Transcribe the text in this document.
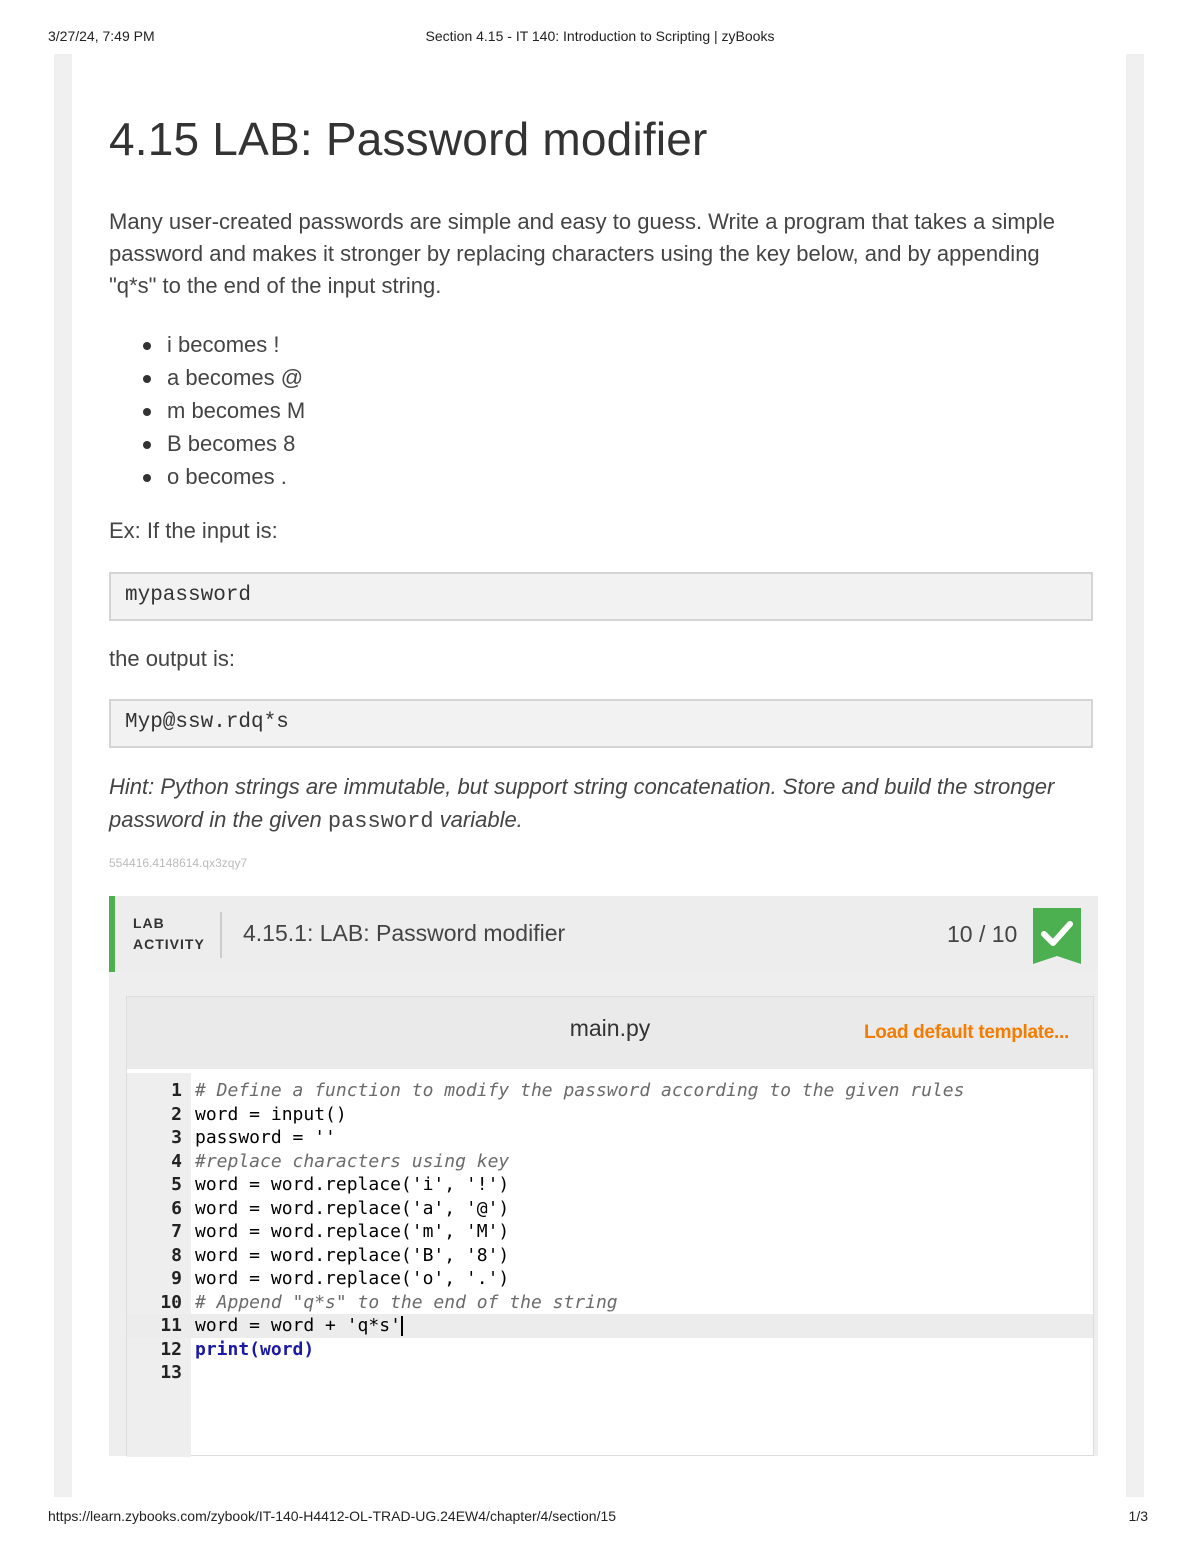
3/27/24, 7:49 PM	Section 4.15 - IT 140: Introduction to Scripting | zyBooks
4.15 LAB: Password modifier

Many user-created passwords are simple and easy to guess. Write a program that takes a simple password and makes it stronger by replacing characters using the key below, and by appending "q*s" to the end of the input string.

i becomes !
a becomes @
m becomes M
B becomes 8
o becomes .

Ex: If the input is:

mypassword

the output is:

Myp@ssw.rdq*s

Hint: Python strings are immutable, but support string concatenation. Store and build the stronger password in the given password variable.

554416.4148614.qx3zqy7
LAB
ACTIVITY 4.15.1: LAB: Password modifier	10 / 10
main.py	Load default template...
1 # Define a function to modify the password according to the given rules
2 word = input()
3 password = ''
4 #replace characters using key
5 word = word.replace('i', '!')
6 word = word.replace('a', '@')
7 word = word.replace('m', 'M')
8 word = word.replace('B', '8')
9 word = word.replace('o', '.')
10 # Append "q*s" to the end of the string
11 word = word + 'q*s'
12 print(word)
13
https://learn.zybooks.com/zybook/IT-140-H4412-OL-TRAD-UG.24EW4/chapter/4/section/15	1/3
